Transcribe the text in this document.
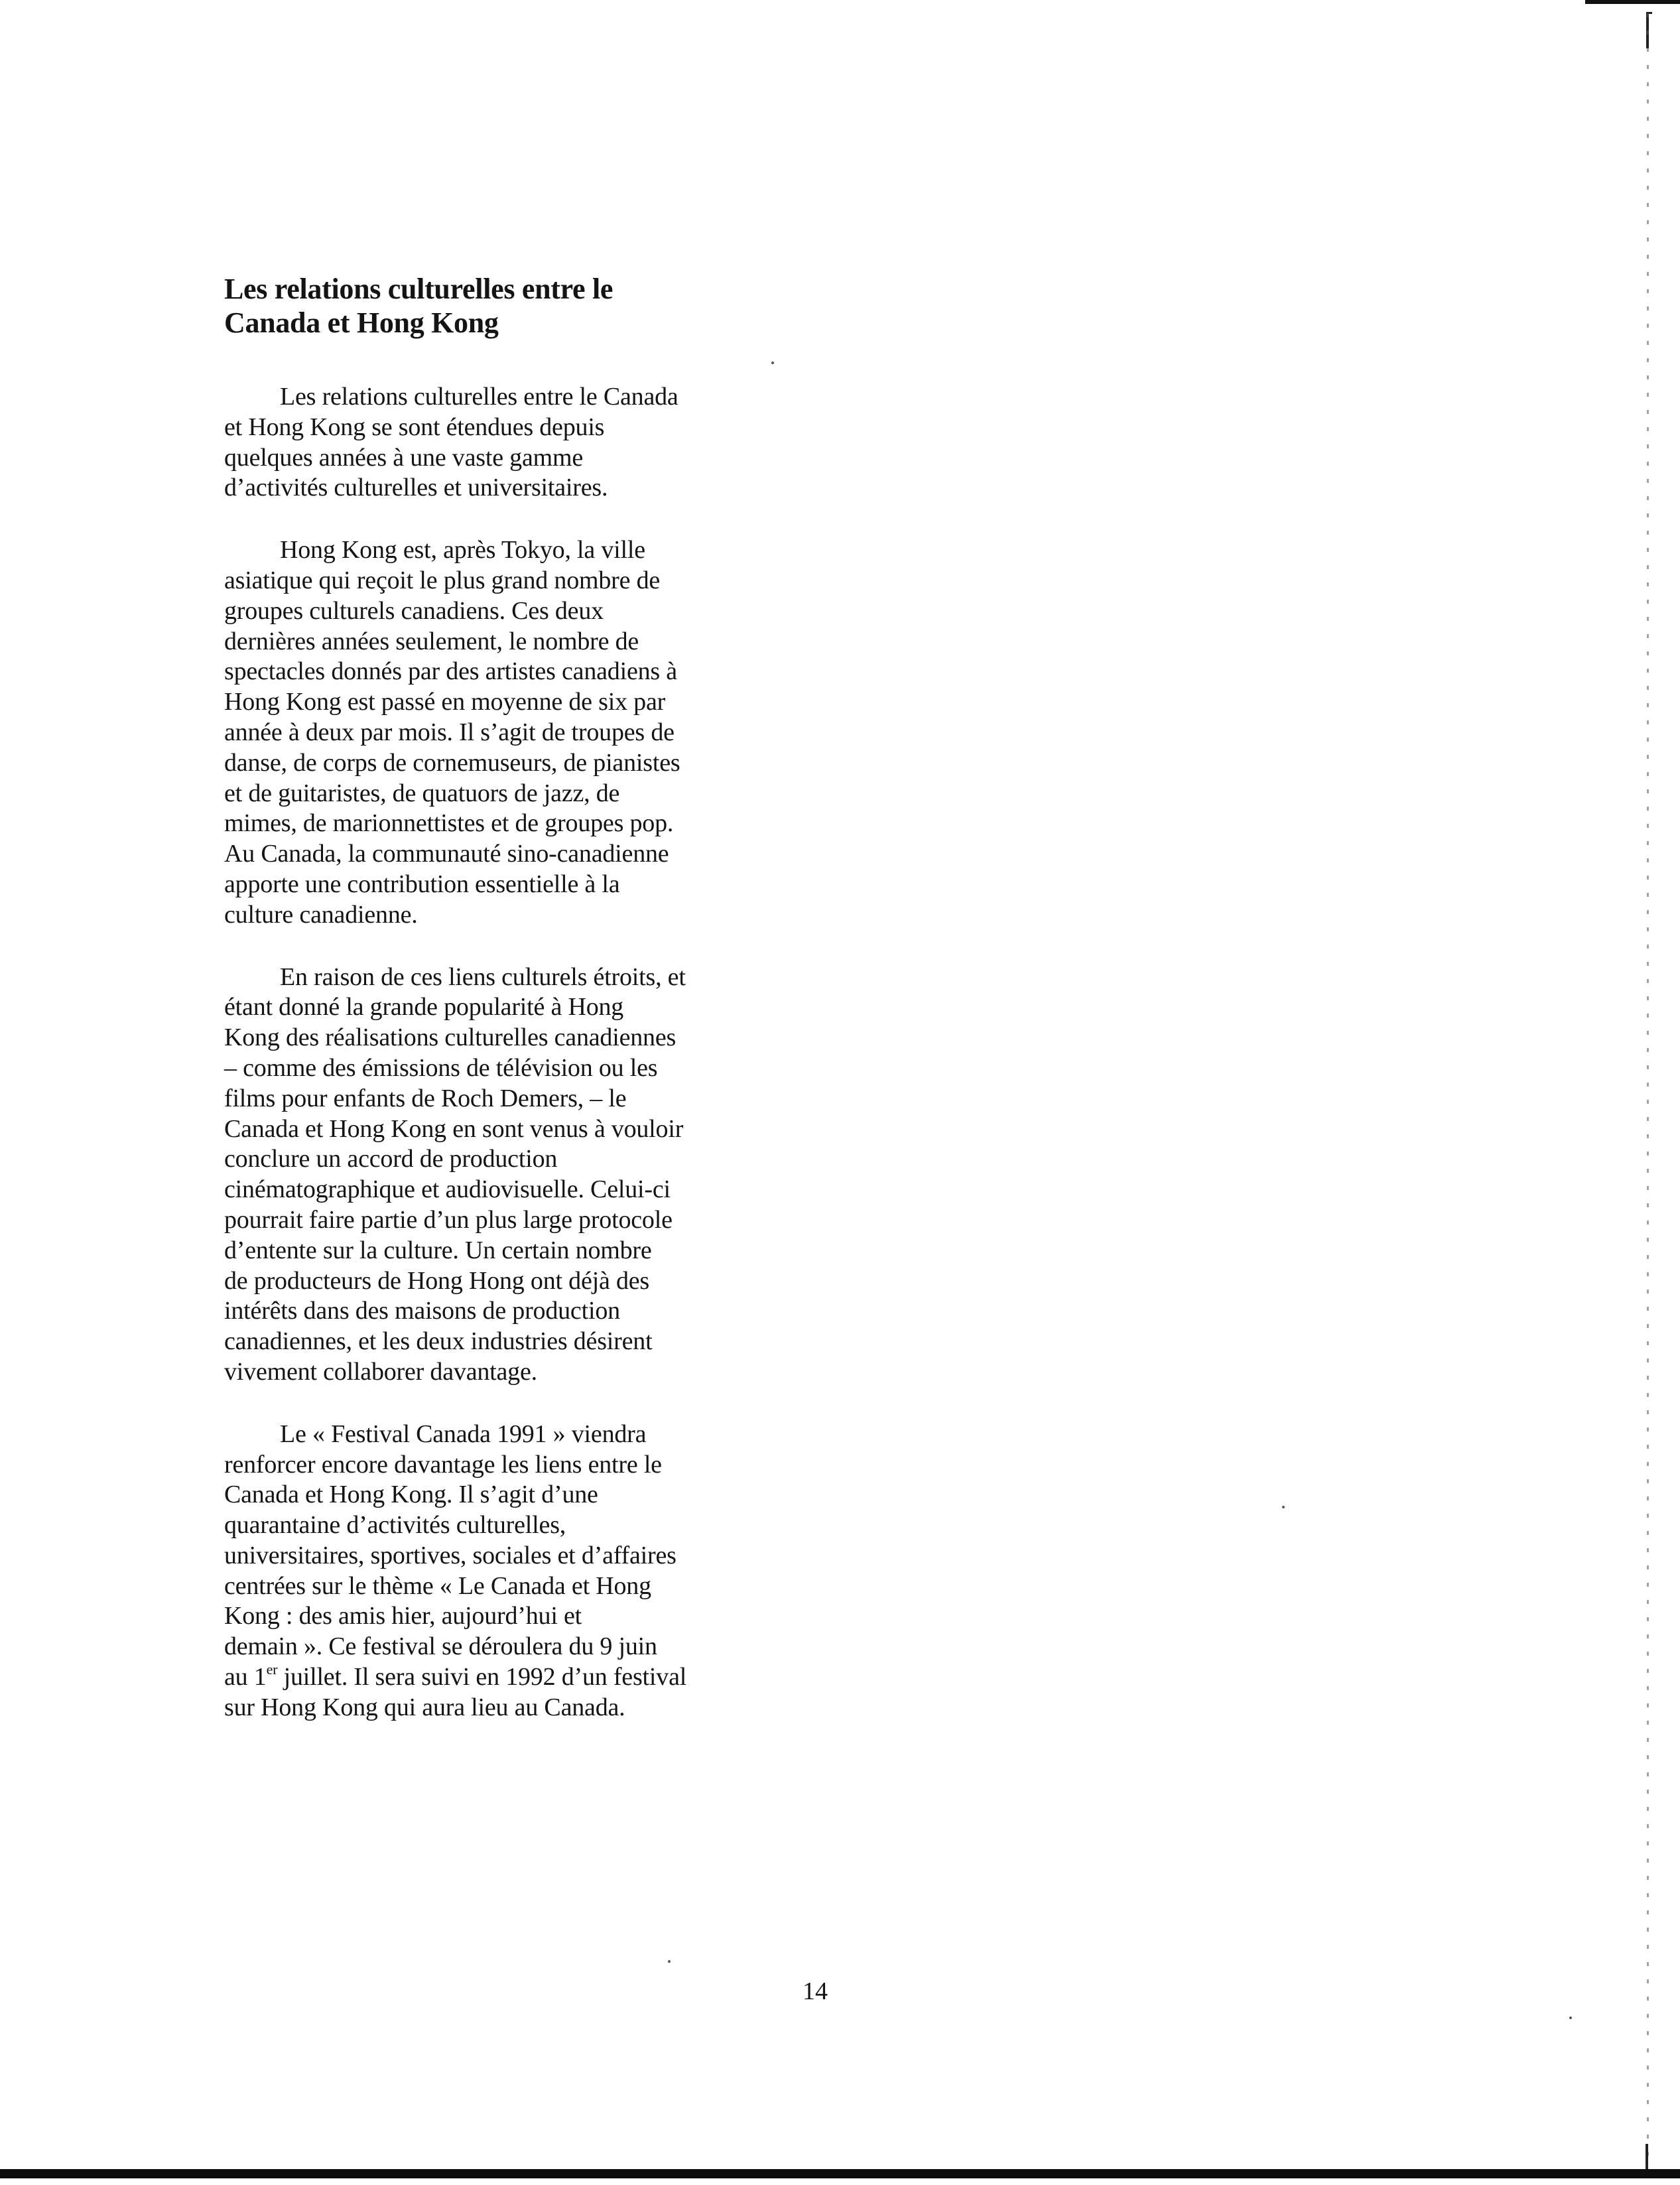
Les relations culturelles entre le
Canada et Hong Kong

Les relations culturelles entre le Canada
et Hong Kong se sont étendues depuis
quelques années à une vaste gamme
d’activités culturelles et universitaires.

Hong Kong est, après Tokyo, la ville
asiatique qui reçoit le plus grand nombre de
groupes culturels canadiens. Ces deux
dernières années seulement, le nombre de
spectacles donnés par des artistes canadiens à
Hong Kong est passé en moyenne de six par
année à deux par mois. Il s’agit de troupes de
danse, de corps de cornemuseurs, de pianistes
et de guitaristes, de quatuors de jazz, de
mimes, de marionnettistes et de groupes pop.
Au Canada, la communauté sino-canadienne
apporte une contribution essentielle à la
culture canadienne.

En raison de ces liens culturels étroits, et
étant donné la grande popularité à Hong
Kong des réalisations culturelles canadiennes
– comme des émissions de télévision ou les
films pour enfants de Roch Demers, – le
Canada et Hong Kong en sont venus à vouloir
conclure un accord de production
cinématographique et audiovisuelle. Celui-ci
pourrait faire partie d’un plus large protocole
d’entente sur la culture. Un certain nombre
de producteurs de Hong Hong ont déjà des
intérêts dans des maisons de production
canadiennes, et les deux industries désirent
vivement collaborer davantage.

Le « Festival Canada 1991 » viendra
renforcer encore davantage les liens entre le
Canada et Hong Kong. Il s’agit d’une
quarantaine d’activités culturelles,
universitaires, sportives, sociales et d’affaires
centrées sur le thème « Le Canada et Hong
Kong : des amis hier, aujourd’hui et
demain ». Ce festival se déroulera du 9 juin
au 1er juillet. Il sera suivi en 1992 d’un festival
sur Hong Kong qui aura lieu au Canada.

14
